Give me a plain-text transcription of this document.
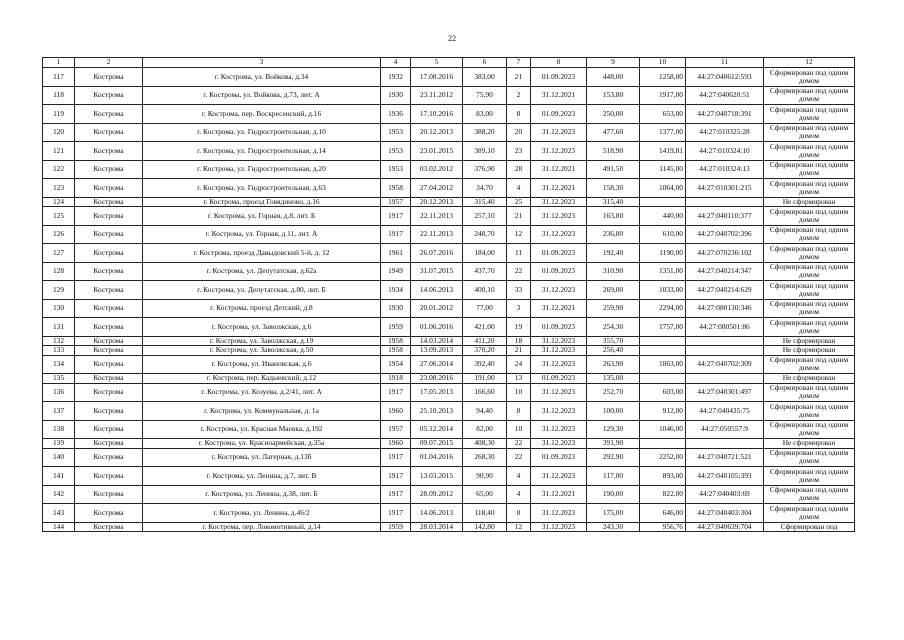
22
1	2	3	4	5	6	7	8	9	10	11	12
117	Кострома	г. Кострома, ул. Войкова, д.34	1932	17.08.2016	383,00	21	01.09.2023	448,00	1258,00	44:27:040612:593	Сформирован под одним домом
118	Кострома	г. Кострома, ул. Войкова, д.73, лит. А	1930	23.11.2012	75,90	2	31.12.2021	153,80	1917,00	44:27:040620:51	Сформирован под одним домом
119	Кострома	г. Кострома, пер. Воскресенский, д.16	1936	17.10.2016	83,00	8	01.09.2023	250,00	653,00	44:27:040718:391	Сформирован под одним домом
120	Кострома	г. Кострома, ул. Гидростроительная, д.10	1953	20.12.2013	388,20	20	31.12.2023	477,60	1377,00	44:27:010325:28	Сформирован под одним домом
121	Кострома	г. Кострома, ул. Гидростроительная, д.14	1953	23.01.2015	389,10	23	31.12.2023	518,90	1419,81	44:27:010324:10	Сформирован под одним домом
122	Кострома	г. Кострома, ул. Гидростроительная, д.20	1953	03.02.2012	376,90	28	31.12.2021	491,50	1145,00	44:27:010324:13	Сформирован под одним домом
123	Кострома	г. Кострома, ул. Гидростроительная, д.63	1958	27.04.2012	34,70	4	31.12.2021	158,30	1064,00	44:27:010301:215	Сформирован под одним домом
124	Кострома	г. Кострома, проезд Говядиново, д.16	1957	20.12.2013	315,40	25	31.12.2023	315,40			Не сформирован
125	Кострома	г. Кострома, ул. Горная, д.8, лит. Б	1917	22.11.2013	257,10	21	31.12.2023	163,80	440,00	44:27:040110:377	Сформирован под одним домом
126	Кострома	г. Кострома, ул. Горная, д.11, лит. А	1917	22.11.2013	248,70	12	31.12.2023	236,80	610,00	44:27:040702:396	Сформирован под одним домом
127	Кострома	г. Кострома, проезд Давыдовский 5-й, д. 12	1961	26.07.2016	184,00	11	01.09.2023	192,40	1190,00	44:27:070236:102	Сформирован под одним домом
128	Кострома	г. Кострома, ул. Депутатская, д.62а	1949	31.07.2015	437,70	22	01.09.2023	310,90	1351,00	44:27:040214:347	Сформирован под одним домом
129	Кострома	г. Кострома, ул. Депутатская, д.80, лит. Б	1934	14.06.2013	400,10	33	31.12.2023	269,00	1033,00	44:27:040214:629	Сформирован под одним домом
130	Кострома	г. Кострома, проезд Детский, д.8	1930	20.01.2012	77,00	3	31.12.2021	259,90	2294,00	44:27:080130:346	Сформирован под одним домом
131	Кострома	г. Кострома, ул. Заволжская, д.6	1959	01.06.2016	421,00	19	01.09.2023	254,30	1757,00	44:27:080501:86	Сформирован под одним домом
132	Кострома	г. Кострома, ул. Заволжская, д.19	1958	14.03.2014	411,20	18	31.12.2023	355,70			Не сформирован
133	Кострома	г. Кострома, ул. Заволжская, д.50	1958	13.09.2013	370,20	21	31.12.2023	256,40			Не сформирован
134	Кострома	г. Кострома, ул. Ивановская, д.6	1954	27.06.2014	392,40	24	31.12.2023	263,90	1863,00	44:27:040702:309	Сформирован под одним домом
135	Кострома	г. Кострома, пер. Кадыевский, д.12	1918	23.08.2016	191,00	13	01.09.2023	135,00			Не сформирован
136	Кострома	г. Кострома, ул. Козуева, д.2/41, лит. А	1917	17.05.2013	166,60	10	31.12.2023	252,70	603,00	44:27:040301:497	Сформирован под одним домом
137	Кострома	г. Кострома, ул. Коммунальная, д. 1а	1960	25.10.2013	94,40	8	31.12.2023	100,00	912,00	44:27:040435:75	Сформирован под одним домом
138	Кострома	г. Кострома, ул. Красная Маевка, д.192	1957	05.12.2014	82,00	10	31.12.2023	129,30	1046,00	44:27:050557:9	Сформирован под одним домом
139	Кострома	г. Кострома, ул. Красноармейская, д.35а	1960	09.07.2015	408,30	22	31.12.2023	391,90			Не сформирован
140	Кострома	г. Кострома, ул. Лагерная, д.13б	1917	01.04.2016	268,30	22	01.09.2023	292,90	2252,00	44:27:040721:521	Сформирован под одним домом
141	Кострома	г. Кострома, ул. Ленина, д.7, лит. В	1917	13.03.2015	90,90	4	31.12.2023	117,00	893,00	44:27:040105:393	Сформирован под одним домом
142	Кострома	г. Кострома, ул. Ленина, д.38, лит. Б	1917	28.09.2012	65,00	4	31.12.2021	190,00	822,00	44:27:040403:69	Сформирован под одним домом
143	Кострома	г. Кострома, ул. Ленина, д.46/2	1917	14.06.2013	118,40	8	31.12.2023	175,00	646,00	44:27:040403:304	Сформирован под одним домом
144	Кострома	г. Кострома, пер. Локомотивный, д.14	1959	28.03.2014	142,80	12	31.12.2023	243,30	956,76	44:27:040639:704	Сформирован под
